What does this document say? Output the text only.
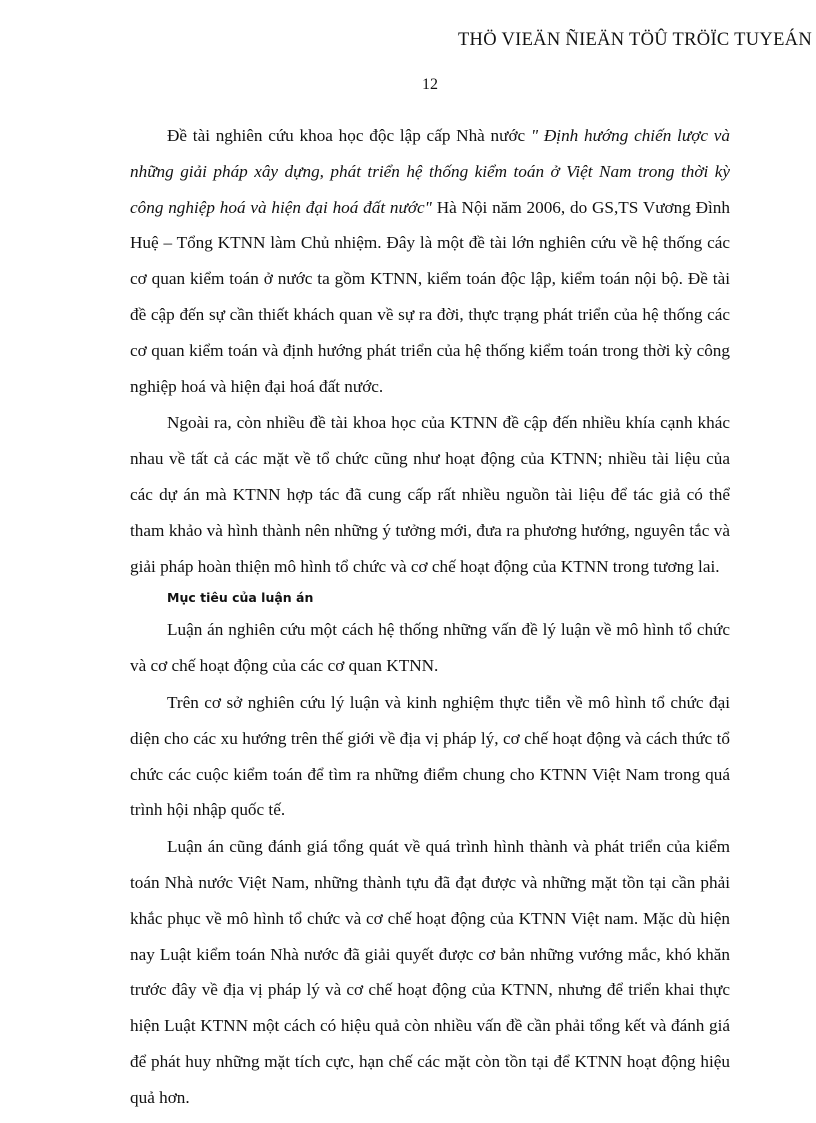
THÖ VIEÄN ÑIEÄN TÖÛ TRÖÏC TUYEÁN
12

Đề tài nghiên cứu khoa học độc lập cấp Nhà nước " Định hướng chiến lược và những giải pháp xây dựng, phát triển hệ thống kiểm toán ở Việt Nam trong thời kỳ công nghiệp hoá và hiện đại hoá đất nước" Hà Nội năm 2006, do GS,TS Vương Đình Huệ – Tổng KTNN làm Chủ nhiệm. Đây là một đề tài lớn nghiên cứu về hệ thống các cơ quan kiểm toán ở nước ta gồm KTNN, kiểm toán độc lập, kiểm toán nội bộ. Đề tài đề cập đến sự cần thiết khách quan về sự ra đời, thực trạng phát triển của hệ thống các cơ quan kiểm toán và định hướng phát triển của hệ thống kiểm toán trong thời kỳ công nghiệp hoá và hiện đại hoá đất nước.

Ngoài ra, còn nhiều đề tài khoa học của KTNN đề cập đến nhiều khía cạnh khác nhau về tất cả các mặt về tổ chức cũng như hoạt động của KTNN; nhiều tài liệu của các dự án mà KTNN hợp tác đã cung cấp rất nhiều nguồn tài liệu để tác giả có thể tham khảo và hình thành nên những ý tưởng mới, đưa ra phương hướng, nguyên tắc và giải pháp hoàn thiện mô hình tổ chức và cơ chế hoạt động của KTNN trong tương lai.

Mục tiêu của luận án

Luận án nghiên cứu một cách hệ thống những vấn đề lý luận về mô hình tổ chức và cơ chế hoạt động của các cơ quan KTNN.

Trên cơ sở nghiên cứu lý luận và kinh nghiệm thực tiễn về mô hình tổ chức đại diện cho các xu hướng trên thế giới về địa vị pháp lý, cơ chế hoạt động và cách thức tổ chức các cuộc kiểm toán để tìm ra những điểm chung cho KTNN Việt Nam trong quá trình hội nhập quốc tế.

Luận án cũng đánh giá tổng quát về quá trình hình thành và phát triển của kiểm toán Nhà nước Việt Nam, những thành tựu đã đạt được và những mặt tồn tại cần phải khắc phục về mô hình tổ chức và cơ chế hoạt động của KTNN Việt nam. Mặc dù hiện nay Luật kiểm toán Nhà nước đã giải quyết được cơ bản những vướng mắc, khó khăn trước đây về địa vị pháp lý và cơ chế hoạt động của KTNN, nhưng để triển khai thực hiện Luật KTNN một cách có hiệu quả còn nhiều vấn đề cần phải tổng kết và đánh giá để phát huy những mặt tích cực, hạn chế các mặt còn tồn tại để KTNN hoạt động hiệu quả hơn.
